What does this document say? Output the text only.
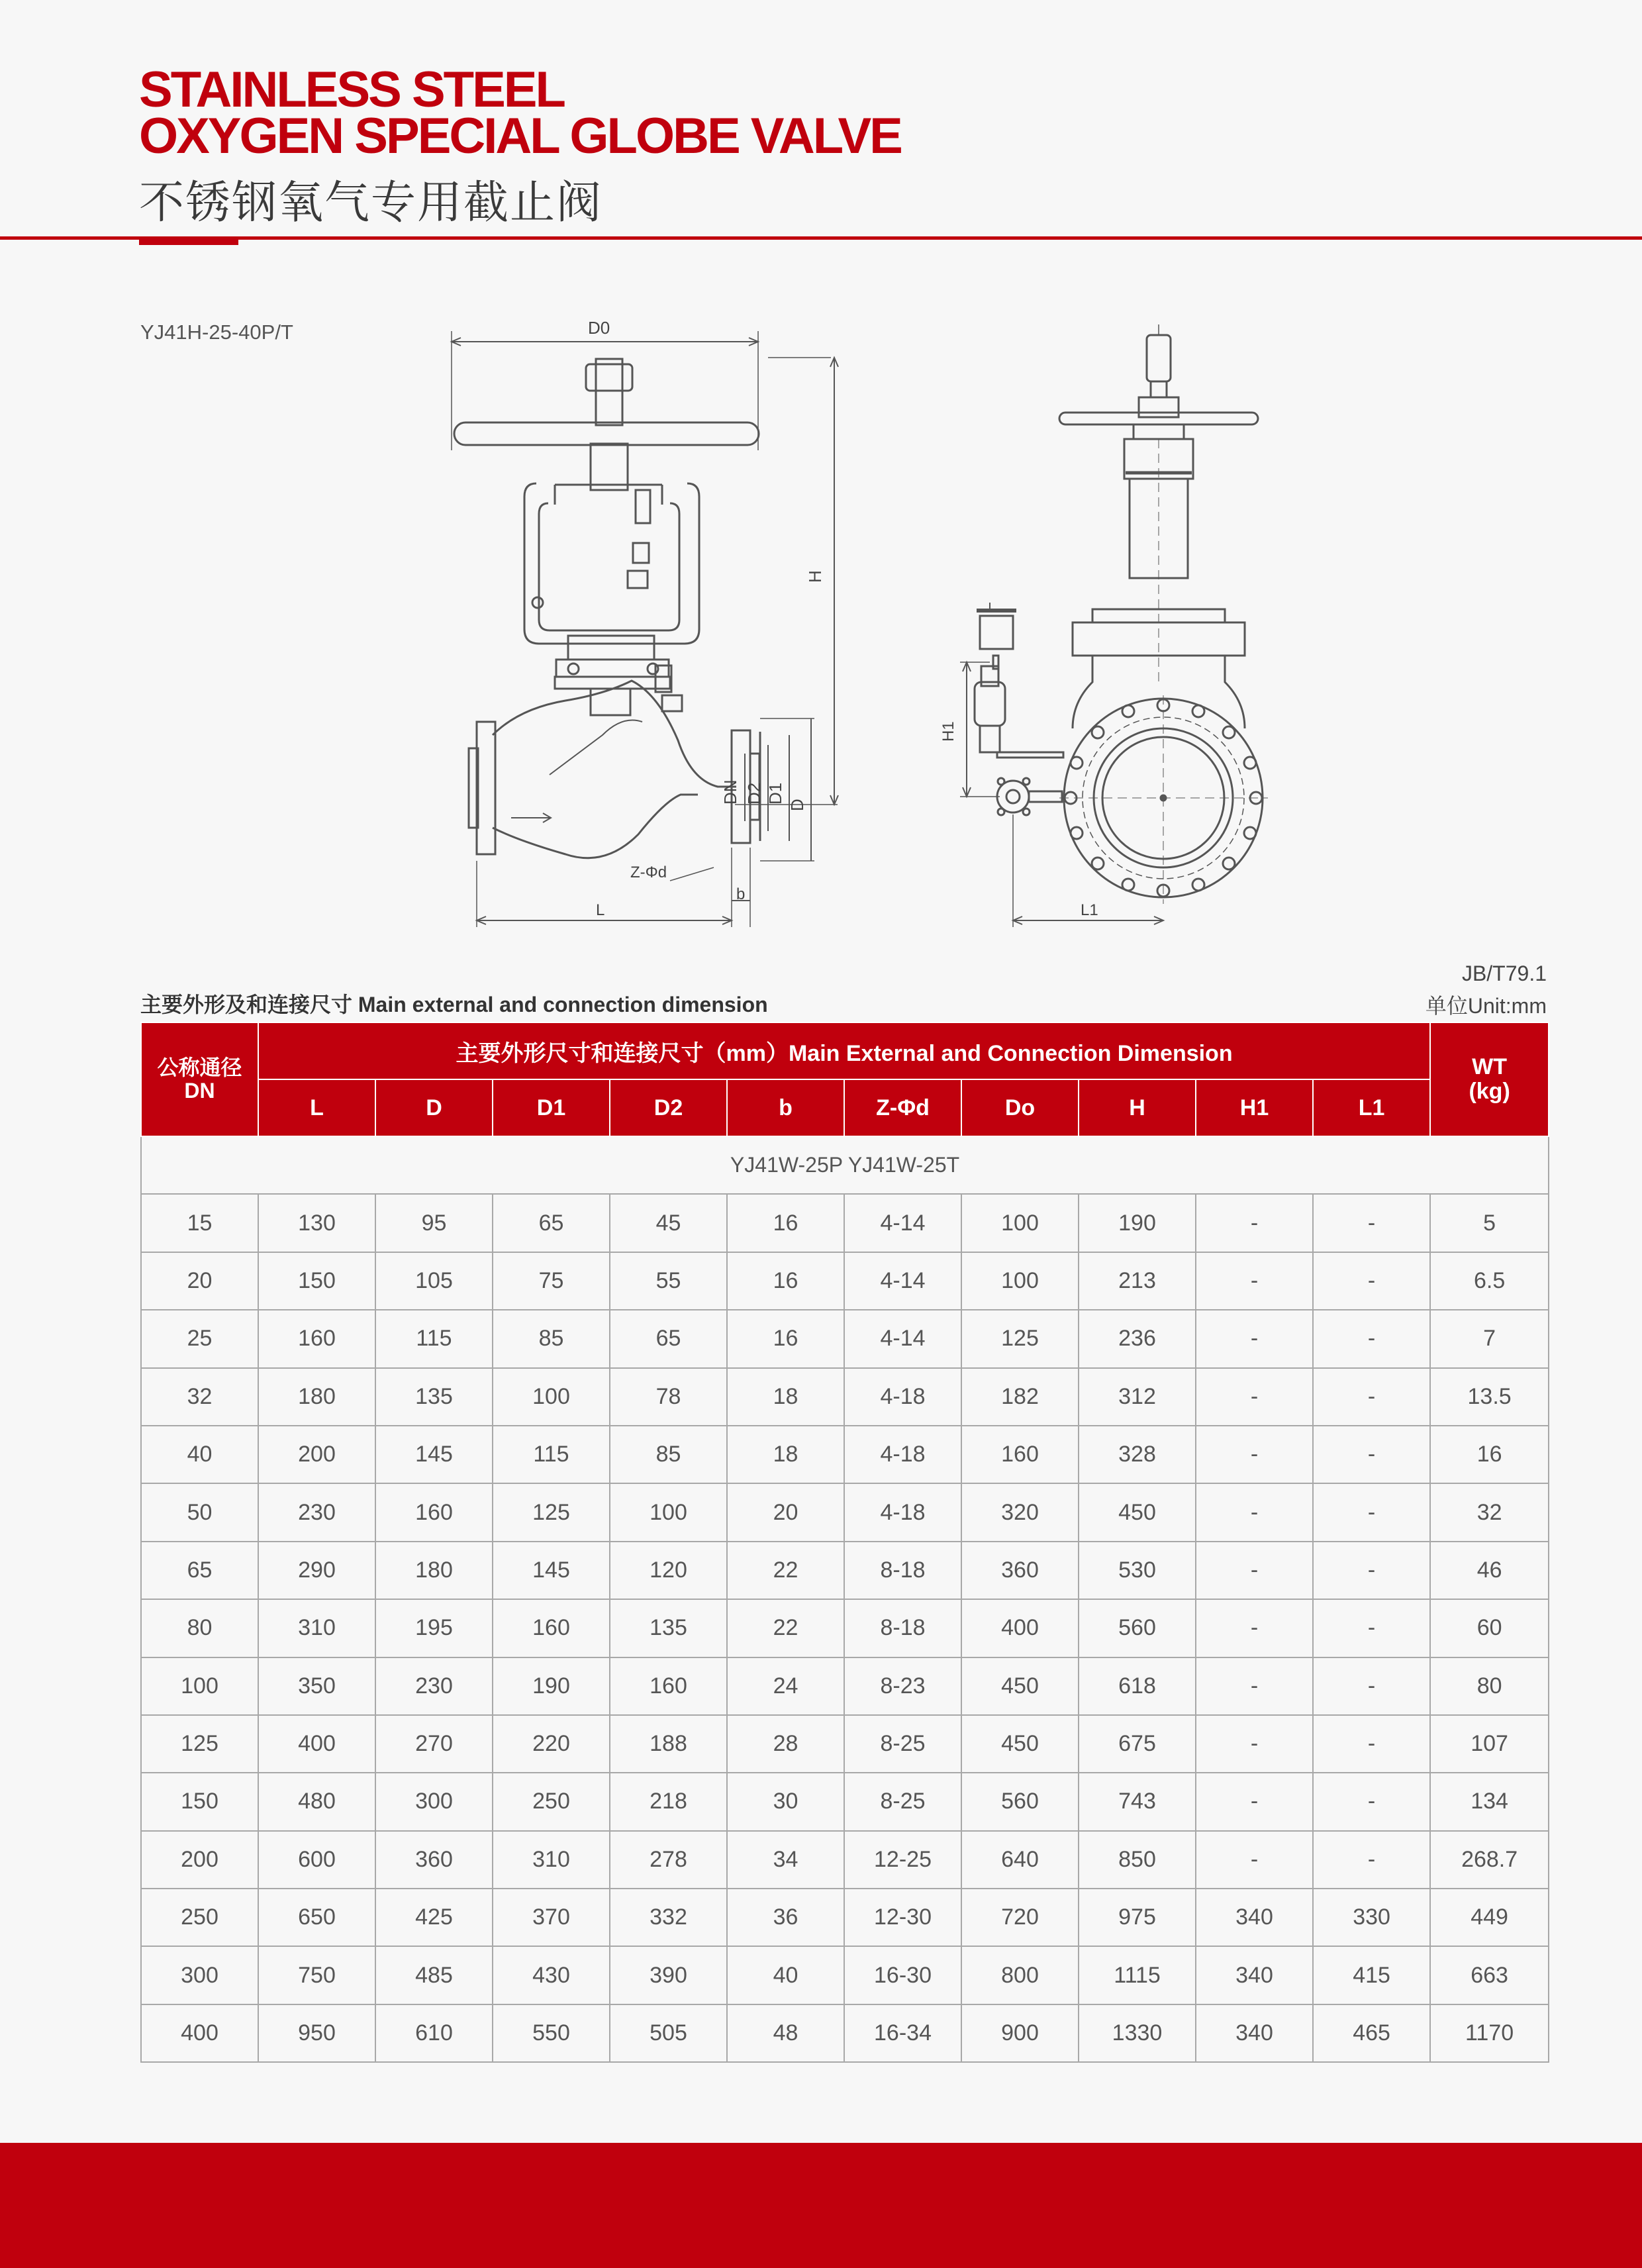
STAINLESS STEEL
OXYGEN SPECIAL GLOBE VALVE
不锈钢氧气专用截止阀
YJ41H-25-40P/T
H
DN D2 D1
D
Z-Φd
L
b
D0
H1
L1
JB/T79.1
单位Unit:mm
主要外形及和连接尺寸 Main external and connection dimension
公称通径
DN	主要外形尺寸和连接尺寸（mm）Main External and Connection Dimension										WT
(kg)

	L	D	D1	D2	b	Z-Φd	Do	H	H1	L1	
YJ41W-25P YJ41W-25T											
15	130	95	65	45	16	4-14	100	190	-	-	5
20	150	105	75	55	16	4-14	100	213	-	-	6.5
25	160	115	85	65	16	4-14	125	236	-	-	7
32	180	135	100	78	18	4-18	182	312	-	-	13.5
40	200	145	115	85	18	4-18	160	328	-	-	16
50	230	160	125	100	20	4-18	320	450	-	-	32
65	290	180	145	120	22	8-18	360	530	-	-	46
80	310	195	160	135	22	8-18	400	560	-	-	60
100	350	230	190	160	24	8-23	450	618	-	-	80
125	400	270	220	188	28	8-25	450	675	-	-	107
150	480	300	250	218	30	8-25	560	743	-	-	134
200	600	360	310	278	34	12-25	640	850	-	-	268.7
250	650	425	370	332	36	12-30	720	975	340	330	449
300	750	485	430	390	40	16-30	800	1115	340	415	663
400	950	610	550	505	48	16-34	900	1330	340	465	1170
